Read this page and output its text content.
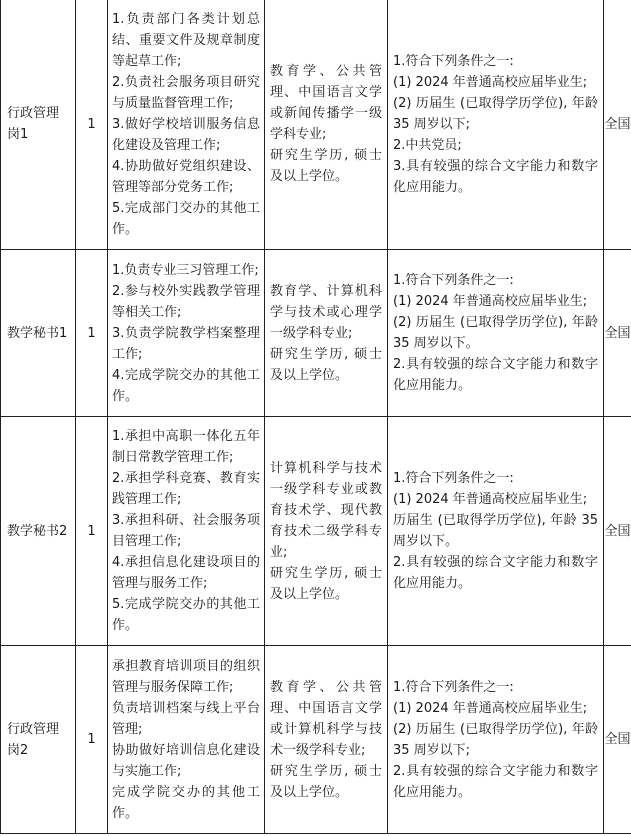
行政管理岗1	1	1.负责部门各类计划总结、重要文件及规章制度等起草工作;
2.负责社会服务项目研究与质量监督管理工作;
3.做好学校培训服务信息化建设及管理工作;
4.协助做好党组织建设、管理等部分党务工作;
5.完成部门交办的其他工作。	教育学、公共管理、中国语言文学或新闻传播学一级学科专业;
研究生学历, 硕士及以上学位。	1.符合下列条件之一:
(1) 2024 年普通高校应届毕业生;
(2) 历届生 (已取得学历学位), 年龄 35 周岁以下;
2.中共党员;
3.具有较强的综合文字能力和数字化应用能力。	全国
教学秘书1	1	1.负责专业三习管理工作;
2.参与校外实践教学管理等相关工作;
3.负责学院教学档案整理工作;
4.完成学院交办的其他工作。	教育学、计算机科学与技术或心理学一级学科专业;
研究生学历, 硕士及以上学位。	1.符合下列条件之一:
(1) 2024 年普通高校应届毕业生;
(2) 历届生 (已取得学历学位), 年龄 35 周岁以下。
2.具有较强的综合文字能力和数字化应用能力。	全国
教学秘书2	1	1.承担中高职一体化五年制日常教学管理工作;
2.承担学科竞赛、教育实践管理工作;
3.承担科研、社会服务项目管理工作;
4.承担信息化建设项目的管理与服务工作;
5.完成学院交办的其他工作。	计算机科学与技术一级学科专业或教育技术学、现代教育技术二级学科专业;
研究生学历, 硕士及以上学位。	1.符合下列条件之一:
(1) 2024 年普通高校应届毕业生;
历届生 (已取得学历学位), 年龄 35 周岁以下。
2.具有较强的综合文字能力和数字化应用能力。	全国
行政管理岗2	1	承担教育培训项目的组织管理与服务保障工作;
负责培训档案与线上平台管理;
协助做好培训信息化建设与实施工作;
完成学院交办的其他工作。	教育学、公共管理、中国语言文学或计算机科学与技术一级学科专业;
研究生学历, 硕士及以上学位。	1.符合下列条件之一:
(1) 2024 年普通高校应届毕业生;
(2) 历届生 (已取得学历学位), 年龄 35 周岁以下;
2.具有较强的综合文字能力和数字化应用能力。	全国
